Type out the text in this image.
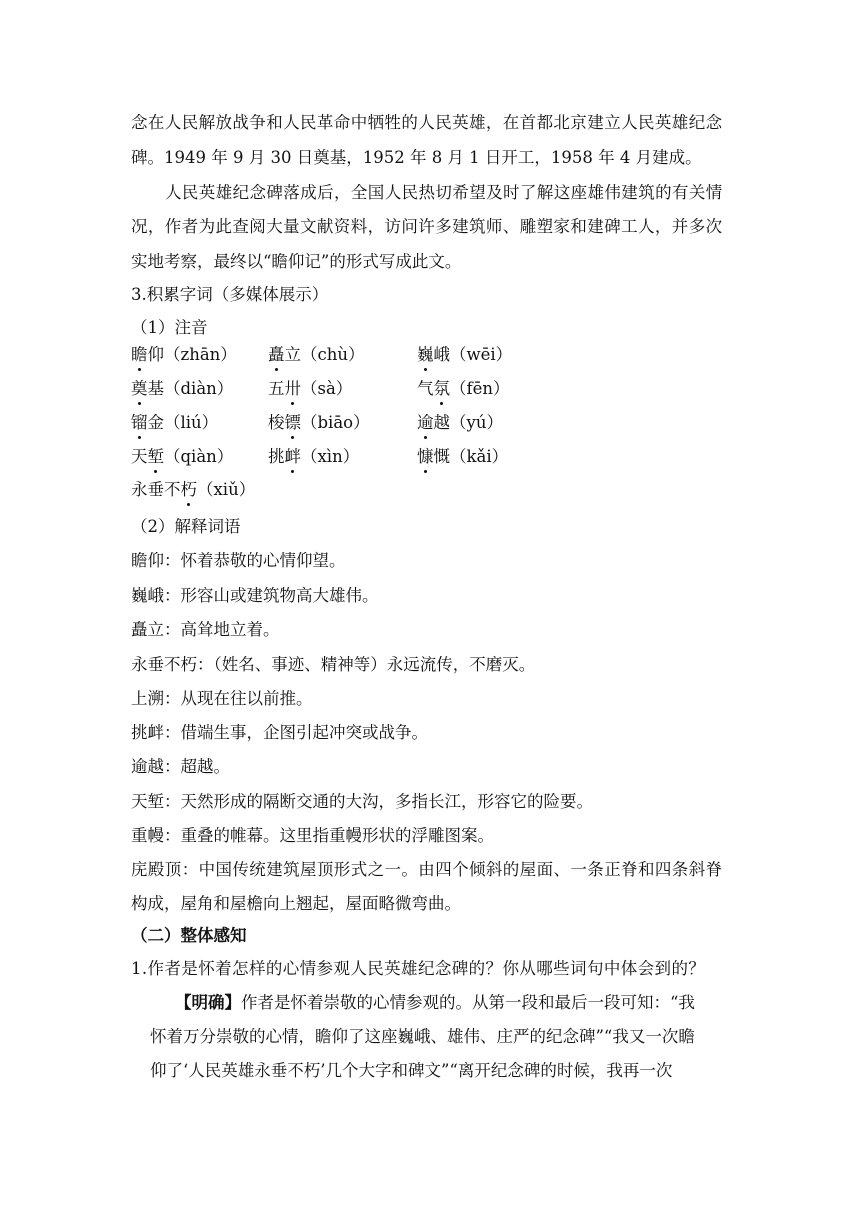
念在人民解放战争和人民革命中牺牲的人民英雄，在首都北京建立人民英雄纪念
碑。1949 年 9 月 30 日奠基，1952 年 8 月 1 日开工，1958 年 4 月建成。
人民英雄纪念碑落成后，全国人民热切希望及时了解这座雄伟建筑的有关情
况，作者为此查阅大量文献资料，访问许多建筑师、雕塑家和建碑工人，并多次
实地考察，最终以“瞻仰记”的形式写成此文。
3.积累字词（多媒体展示）
（1）注音
瞻仰（zhān） 矗立（chù）	巍峨（wēi）
奠基（diàn） 五卅（sà）	气氛（fēn）
镏金（liú）	梭镖（biāo）	逾越（yú）
天堑（qiàn） 挑衅（xìn）	慷慨（kǎi）
永垂不朽（xiǔ）
（2）解释词语
瞻仰：怀着恭敬的心情仰望。
巍峨：形容山或建筑物高大雄伟。
矗立：高耸地立着。
永垂不朽：（姓名、事迹、精神等）永远流传，不磨灭。
上溯：从现在往以前推。
挑衅：借端生事，企图引起冲突或战争。
逾越：超越。
天堑：天然形成的隔断交通的大沟，多指长江，形容它的险要。
重幔：重叠的帷幕。这里指重幔形状的浮雕图案。
庑殿顶：中国传统建筑屋顶形式之一。由四个倾斜的屋面、一条正脊和四条斜脊
构成，屋角和屋檐向上翘起，屋面略微弯曲。
（二）整体感知
1.作者是怀着怎样的心情参观人民英雄纪念碑的？你从哪些词句中体会到的？
【明确】作者是怀着崇敬的心情参观的。从第一段和最后一段可知：“我
怀着万分崇敬的心情，瞻仰了这座巍峨、雄伟、庄严的纪念碑”“我又一次瞻
仰了‘人民英雄永垂不朽’几个大字和碑文”“离开纪念碑的时候，我再一次
